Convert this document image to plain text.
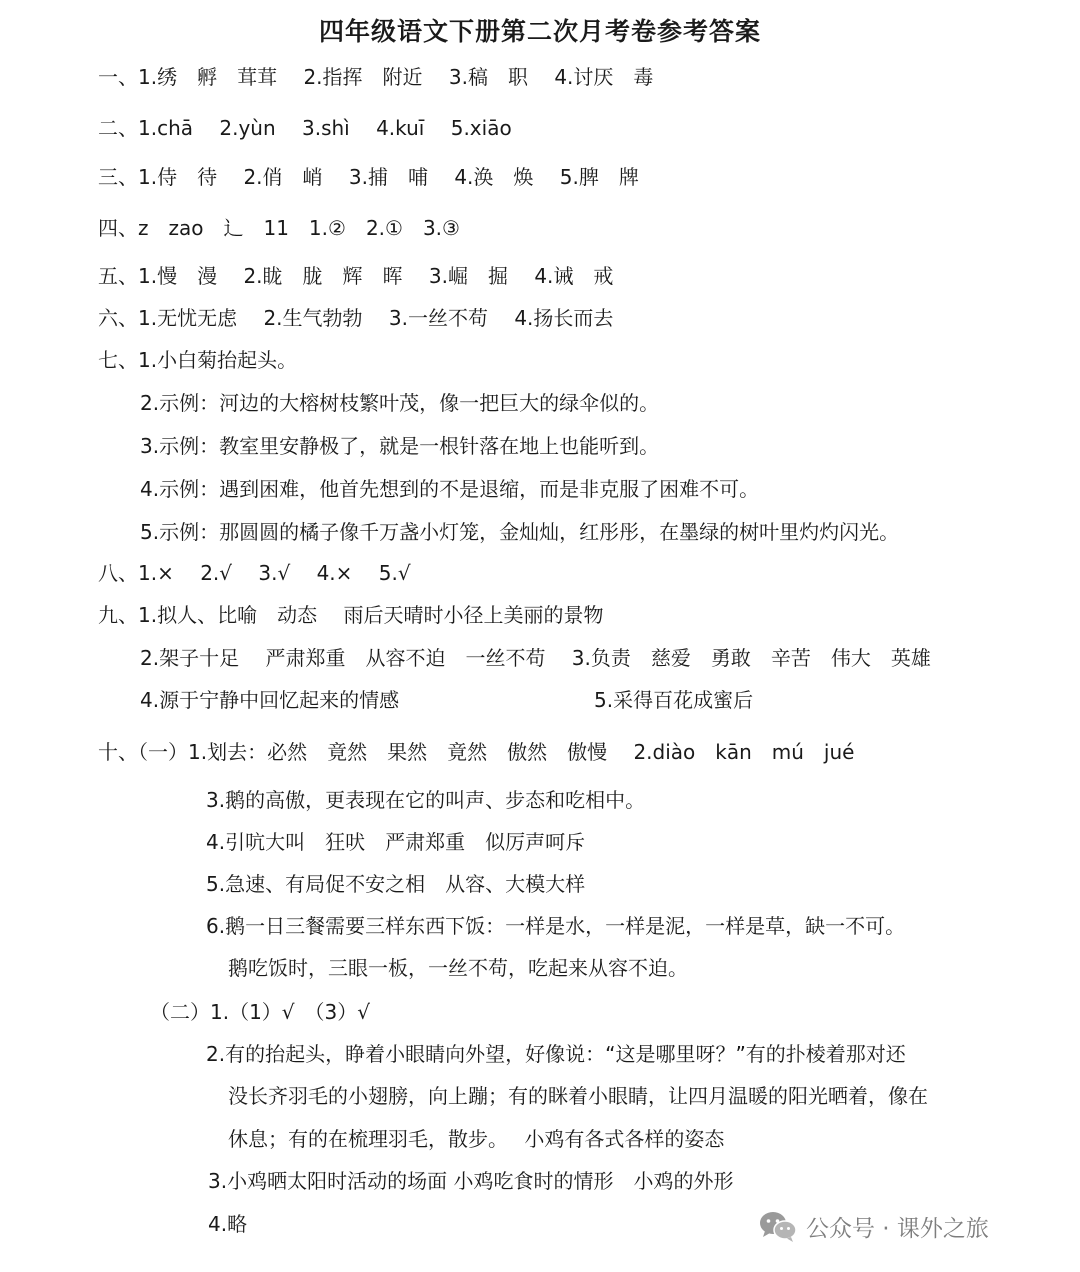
四年级语文下册第二次月考卷参考答案
一、1.绣　孵　茸茸　 2.指挥　附近　 3.稿　职　 4.讨厌　毒
二、1.chā　 2.yùn　 3.shì　 4.kuī　 5.xiāo
三、1.侍　待　 2.俏　峭　 3.捕　哺　 4.涣　焕　 5.脾　牌
四、z　zao　⻌　11　1.②　2.①　3.③
五、1.慢　漫　 2.眬　胧　辉　晖　 3.崛　掘　 4.诫　戒
六、1.无忧无虑　 2.生气勃勃　 3.一丝不苟　 4.扬长而去
七、1.小白菊抬起头。
2.示例：河边的大榕树枝繁叶茂，像一把巨大的绿伞似的。
3.示例：教室里安静极了，就是一根针落在地上也能听到。
4.示例：遇到困难，他首先想到的不是退缩，而是非克服了困难不可。
5.示例：那圆圆的橘子像千万盏小灯笼，金灿灿，红彤彤，在墨绿的树叶里灼灼闪光。
八、1.×　 2.√　 3.√　 4.×　 5.√
九、1.拟人、比喻　动态　 雨后天晴时小径上美丽的景物
2.架子十足　 严肃郑重　从容不迫　一丝不苟　 3.负责　慈爱　勇敢　辛苦　伟大　英雄
4.源于宁静中回忆起来的情感	5.采得百花成蜜后
十、（一）1.划去：必然　竟然　果然　竟然　傲然　傲慢　 2.diào　kān　mú　jué
3.鹅的高傲，更表现在它的叫声、步态和吃相中。
4.引吭大叫　狂吠　严肃郑重　似厉声呵斥
5.急速、有局促不安之相　从容、大模大样
6.鹅一日三餐需要三样东西下饭：一样是水，一样是泥，一样是草，缺一不可。
鹅吃饭时，三眼一板，一丝不苟，吃起来从容不迫。
（二）1.（1）√　（3）√
2.有的抬起头，睁着小眼睛向外望，好像说：“这是哪里呀？”有的扑棱着那对还
没长齐羽毛的小翅膀，向上蹦；有的眯着小眼睛，让四月温暖的阳光晒着，像在
休息；有的在梳理羽毛，散步。　 小鸡有各式各样的姿态
3.小鸡晒太阳时活动的场面 小鸡吃食时的情形　小鸡的外形
4.略	公众号 · 课外之旅
